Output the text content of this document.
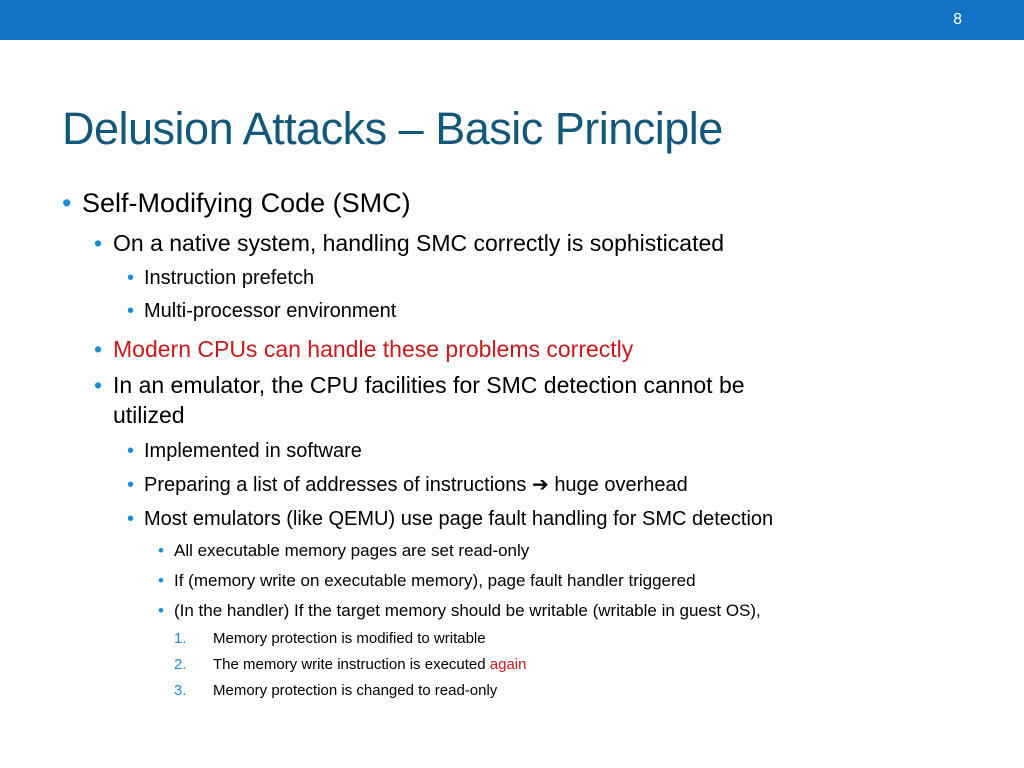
8
Delusion Attacks – Basic Principle
• Self-Modifying Code (SMC)
• On a native system, handling SMC correctly is sophisticated
• Instruction prefetch
• Multi-processor environment
• Modern CPUs can handle these problems correctly
• In an emulator, the CPU facilities for SMC detection cannot be
utilized
• Implemented in software
• Preparing a list of addresses of instructions ➔ huge overhead
• Most emulators (like QEMU) use page fault handling for SMC detection
• All executable memory pages are set read-only
• If (memory write on executable memory), page fault handler triggered
• (In the handler) If the target memory should be writable (writable in guest OS),
1. Memory protection is modified to writable
2. The memory write instruction is executed again
3. Memory protection is changed to read-only
